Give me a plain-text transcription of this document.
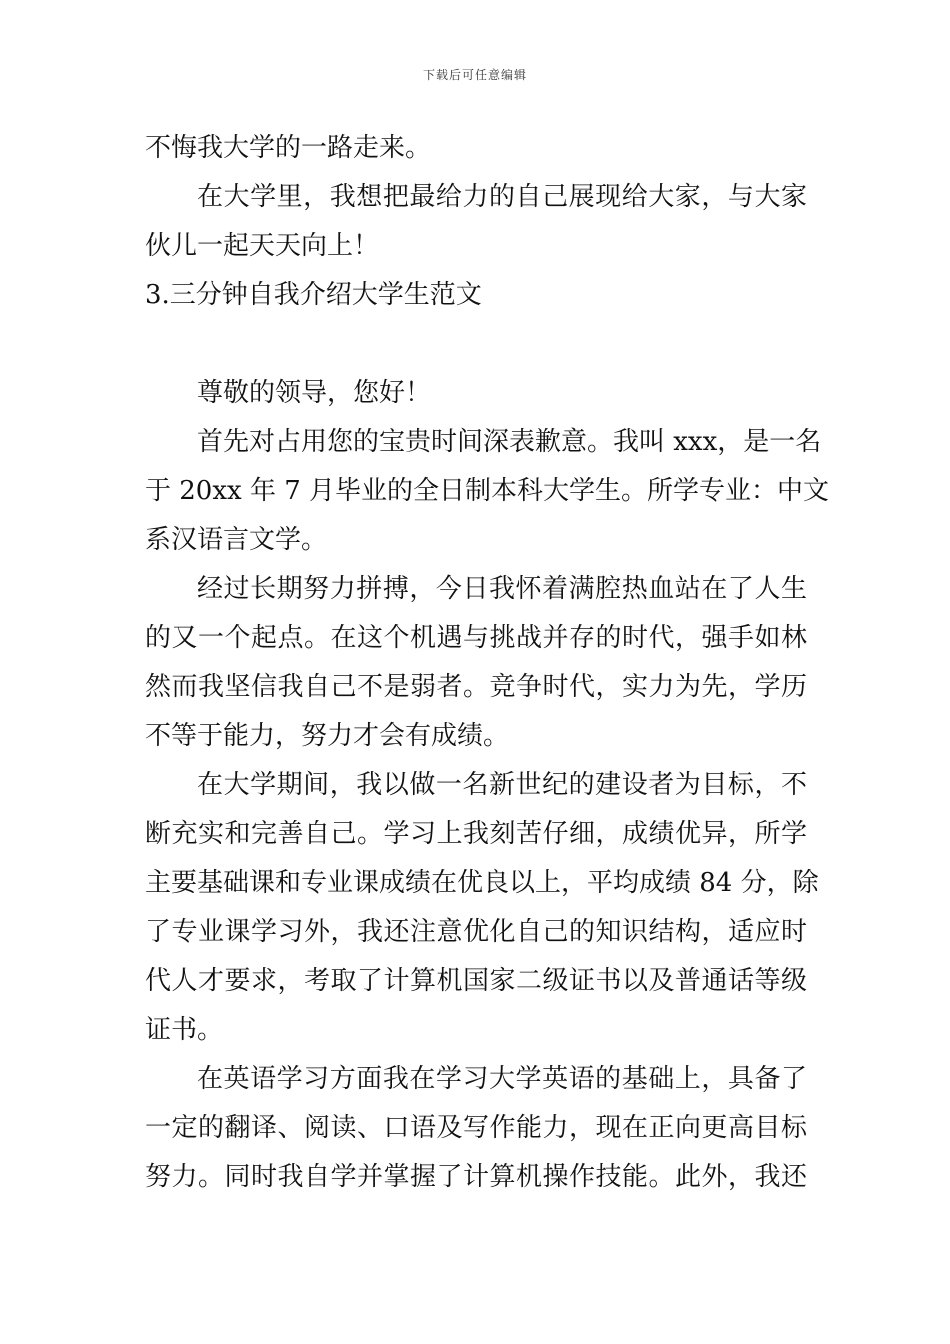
下载后可任意编辑
不悔我大学的一路走来。
在大学里，我想把最给力的自己展现给大家，与大家
伙儿一起天天向上！
3.三分钟自我介绍大学生范文
尊敬的领导，您好！
首先对占用您的宝贵时间深表歉意。我叫 xxx，是一名
于 20xx 年 7 月毕业的全日制本科大学生。所学专业：中文
系汉语言文学。
经过长期努力拼搏，今日我怀着满腔热血站在了人生
的又一个起点。在这个机遇与挑战并存的时代，强手如林
然而我坚信我自己不是弱者。竞争时代，实力为先，学历
不等于能力，努力才会有成绩。
在大学期间，我以做一名新世纪的建设者为目标，不
断充实和完善自己。学习上我刻苦仔细，成绩优异，所学
主要基础课和专业课成绩在优良以上，平均成绩 84 分，除
了专业课学习外，我还注意优化自己的知识结构，适应时
代人才要求，考取了计算机国家二级证书以及普通话等级
证书。
在英语学习方面我在学习大学英语的基础上，具备了
一定的翻译、阅读、口语及写作能力，现在正向更高目标
努力。同时我自学并掌握了计算机操作技能。此外，我还
